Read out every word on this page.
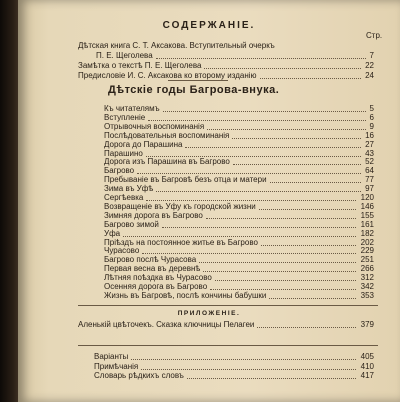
СОДЕРЖАНІЕ.
Стр.
Дѣтская книга С. Т. Аксакова. Вступительный очеркъ
П. Е. Щеголева	7
Замѣтка о текстѣ П. Е. Щеголева	22
Предисловіе И. С. Аксакова ко второму изданію	24
Дѣтскіе годы Багрова-внука.
Къ читателямъ	5
Вступленіе	6
Отрывочныя воспоминанія	9
Послѣдовательныя воспоминанія	16
Дорога до Парашина	27
Парашино	43
Дорога изъ Парашина въ Багрово	52
Багрово	64
Пребываніе въ Багровѣ безъ отца и матери	77
Зима въ Уфѣ	97
Сергѣевка	120
Возвращеніе въ Уфу къ городской жизни	146
Зимняя дорога въ Багрово	155
Багрово зимой	161
Уфа	182
Пріѣздъ на постоянное житье въ Багрово	202
Чурасово	229
Багрово послѣ Чурасова	251
Первая весна въ деревнѣ	266
Лѣтняя поѣздка въ Чурасово	312
Осенняя дорога въ Багрово	342
Жизнь въ Багровѣ, послѣ кончины бабушки	353
ПРИЛОЖЕНІЕ.
Аленькій цвѣточекъ. Сказка ключницы Пелагеи	379
Варіанты	405
Примѣчанія	410
Словарь рѣдкихъ словъ	417
